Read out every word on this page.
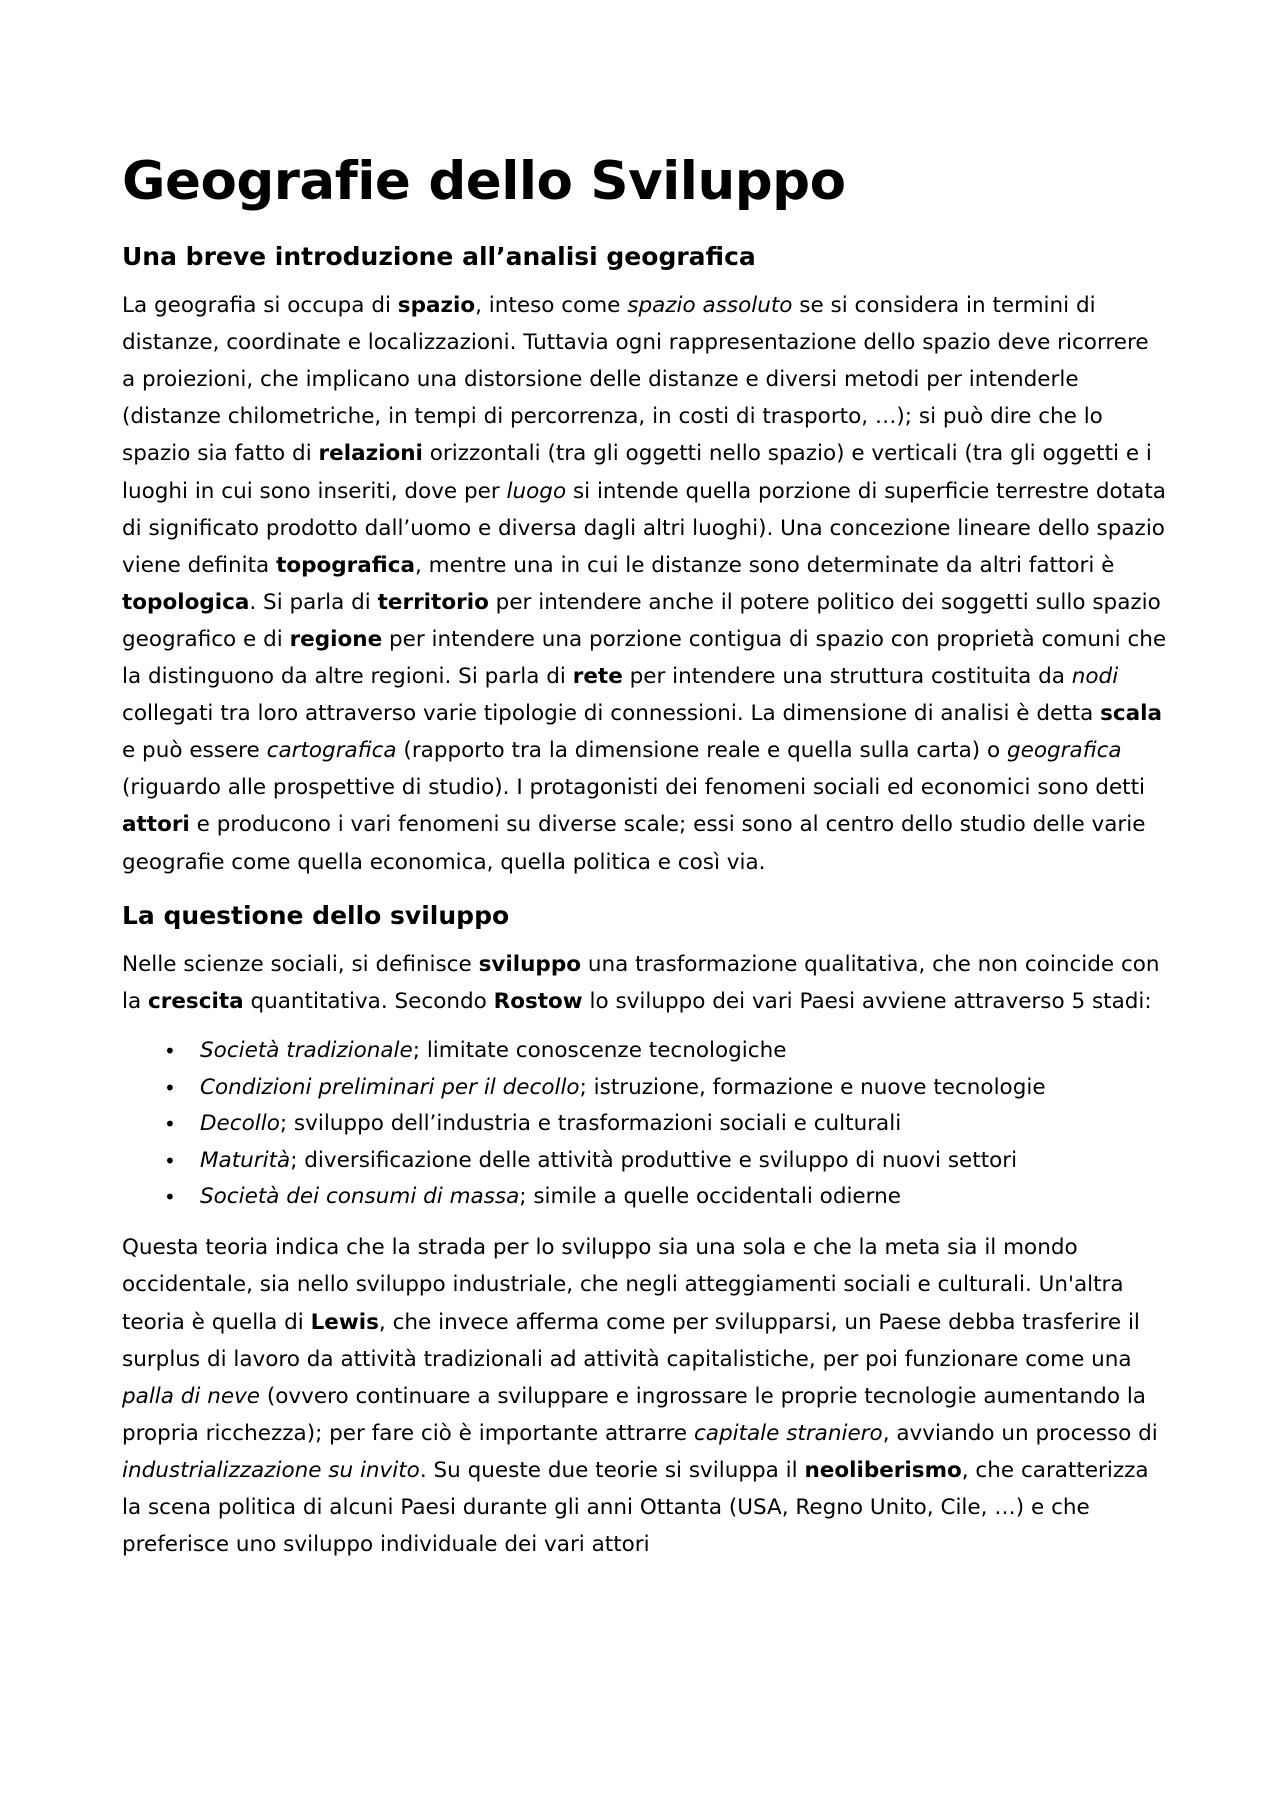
Geografie dello Sviluppo
Una breve introduzione all’analisi geografica

La geografia si occupa di spazio, inteso come spazio assoluto se si considera in termini di distanze, coordinate e localizzazioni. Tuttavia ogni rappresentazione dello spazio deve ricorrere a proiezioni, che implicano una distorsione delle distanze e diversi metodi per intenderle (distanze chilometriche, in tempi di percorrenza, in costi di trasporto, …); si può dire che lo spazio sia fatto di relazioni orizzontali (tra gli oggetti nello spazio) e verticali (tra gli oggetti e i luoghi in cui sono inseriti, dove per luogo si intende quella porzione di superficie terrestre dotata di significato prodotto dall’uomo e diversa dagli altri luoghi). Una concezione lineare dello spazio viene definita topografica, mentre una in cui le distanze sono determinate da altri fattori è topologica. Si parla di territorio per intendere anche il potere politico dei soggetti sullo spazio geografico e di regione per intendere una porzione contigua di spazio con proprietà comuni che la distinguono da altre regioni. Si parla di rete per intendere una struttura costituita da nodi collegati tra loro attraverso varie tipologie di connessioni. La dimensione di analisi è detta scala e può essere cartografica (rapporto tra la dimensione reale e quella sulla carta) o geografica (riguardo alle prospettive di studio). I protagonisti dei fenomeni sociali ed economici sono detti attori e producono i vari fenomeni su diverse scale; essi sono al centro dello studio delle varie geografie come quella economica, quella politica e così via.

La questione dello sviluppo

Nelle scienze sociali, si definisce sviluppo una trasformazione qualitativa, che non coincide con la crescita quantitativa. Secondo Rostow lo sviluppo dei vari Paesi avviene attraverso 5 stadi:

• Società tradizionale; limitate conoscenze tecnologiche
• Condizioni preliminari per il decollo; istruzione, formazione e nuove tecnologie
• Decollo; sviluppo dell’industria e trasformazioni sociali e culturali
• Maturità; diversificazione delle attività produttive e sviluppo di nuovi settori
• Società dei consumi di massa; simile a quelle occidentali odierne

Questa teoria indica che la strada per lo sviluppo sia una sola e che la meta sia il mondo occidentale, sia nello sviluppo industriale, che negli atteggiamenti sociali e culturali. Un'altra teoria è quella di Lewis, che invece afferma come per svilupparsi, un Paese debba trasferire il surplus di lavoro da attività tradizionali ad attività capitalistiche, per poi funzionare come una palla di neve (ovvero continuare a sviluppare e ingrossare le proprie tecnologie aumentando la propria ricchezza); per fare ciò è importante attrarre capitale straniero, avviando un processo di industrializzazione su invito. Su queste due teorie si sviluppa il neoliberismo, che caratterizza la scena politica di alcuni Paesi durante gli anni Ottanta (USA, Regno Unito, Cile, …) e che preferisce uno sviluppo individuale dei vari attori
